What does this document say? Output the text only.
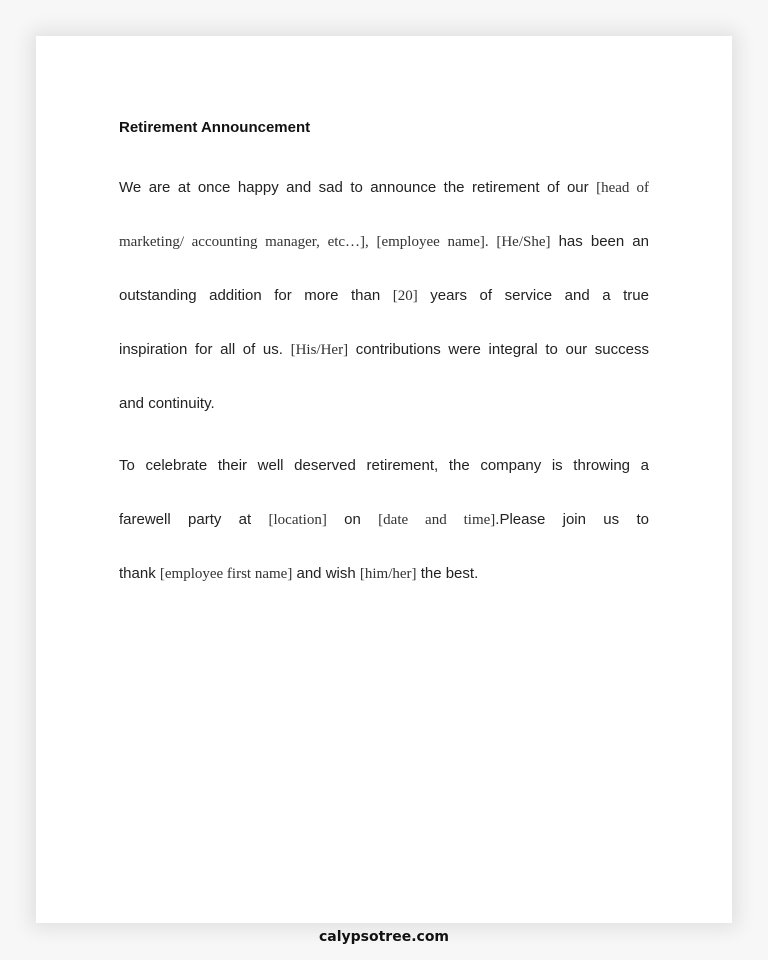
Retirement Announcement
We are at once happy and sad to announce the retirement of our [head of
marketing/ accounting manager, etc…], [employee name]. [He/She] has been an
outstanding addition for more than [20] years of service and a true
inspiration for all of us. [His/Her] contributions were integral to our success
and continuity.
To celebrate their well deserved retirement, the company is throwing a
farewell party at [location] on [date and time].Please join us to
thank [employee first name] and wish [him/her] the best.
calypsotree.com
